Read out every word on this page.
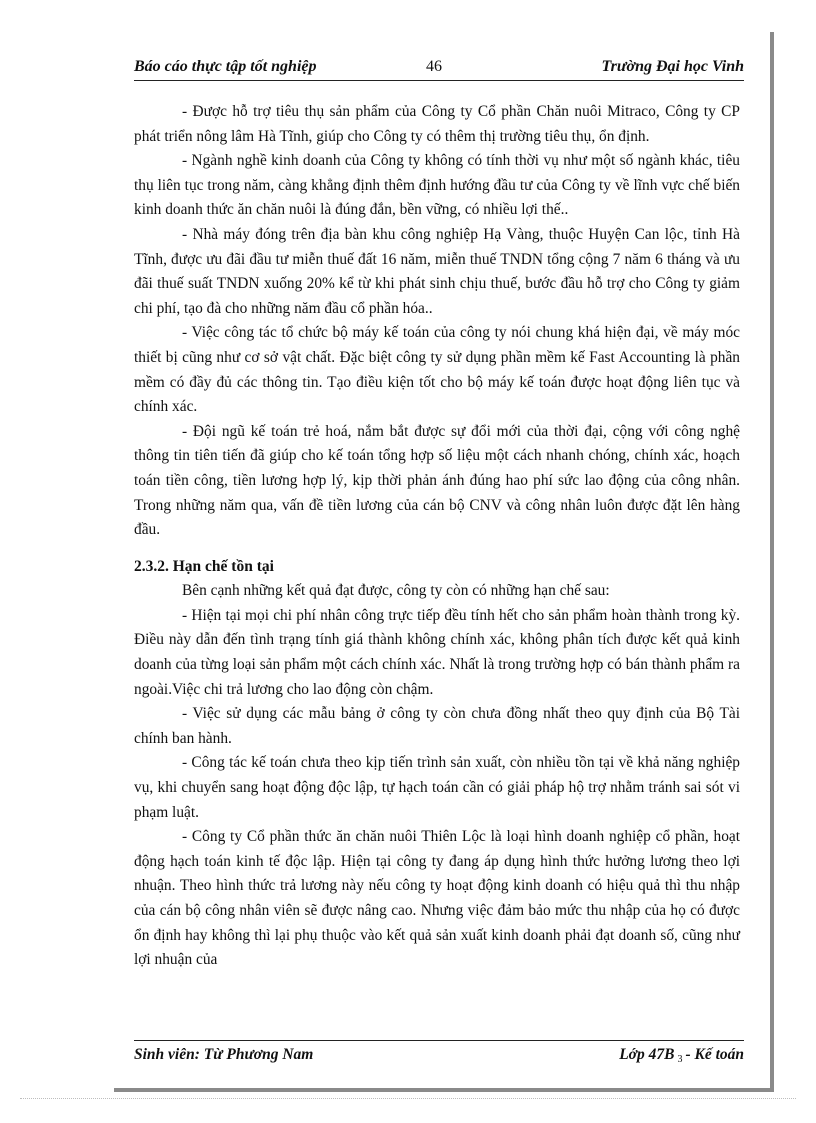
Báo cáo thực tập tốt nghiệp	46	Trường Đại học Vinh

- Được hỗ trợ tiêu thụ sản phẩm của Công ty Cổ phần Chăn nuôi Mitraco, Công ty CP phát triển nông lâm Hà Tĩnh, giúp cho Công ty có thêm thị trường tiêu thụ, ổn định.

- Ngành nghề kinh doanh của Công ty không có tính thời vụ như một số ngành khác, tiêu thụ liên tục trong năm, càng khẳng định thêm định hướng đầu tư của Công ty về lĩnh vực chế biến kinh doanh thức ăn chăn nuôi là đúng đắn, bền vững, có nhiều lợi thế..

- Nhà máy đóng trên địa bàn khu công nghiệp Hạ Vàng, thuộc Huyện Can lộc, tỉnh Hà Tĩnh, được ưu đãi đầu tư miễn thuế đất 16 năm, miễn thuế TNDN tổng cộng 7 năm 6 tháng và ưu đãi thuế suất TNDN xuống 20% kể từ khi phát sinh chịu thuế, bước đầu hỗ trợ cho Công ty giảm chi phí, tạo đà cho những năm đầu cổ phần hóa..

- Việc công tác tổ chức bộ máy kế toán của công ty nói chung khá hiện đại, về máy móc thiết bị cũng như cơ sở vật chất. Đặc biệt công ty sử dụng phần mềm kế Fast Accounting là phần mềm có đầy đủ các thông tin. Tạo điều kiện tốt cho bộ máy kế toán được hoạt động liên tục và chính xác.

- Đội ngũ kế toán trẻ hoá, nắm bắt được sự đổi mới của thời đại, cộng với công nghệ thông tin tiên tiến đã giúp cho kế toán tổng hợp số liệu một cách nhanh chóng, chính xác, hoạch toán tiền công, tiền lương hợp lý, kịp thời phản ánh đúng hao phí sức lao động của công nhân. Trong những năm qua, vấn đề tiền lương của cán bộ CNV và công nhân luôn được đặt lên hàng đầu.

2.3.2. Hạn chế tồn tại

Bên cạnh những kết quả đạt được, công ty còn có những hạn chế sau:

- Hiện tại mọi chi phí nhân công trực tiếp đều tính hết cho sản phẩm hoàn thành trong kỳ. Điều này dẫn đến tình trạng tính giá thành không chính xác, không phân tích được kết quả kinh doanh của từng loại sản phẩm một cách chính xác. Nhất là trong trường hợp có bán thành phẩm ra ngoài.Việc chi trả lương cho lao động còn chậm.

- Việc sử dụng các mẫu bảng ở công ty còn chưa đồng nhất theo quy định của Bộ Tài chính ban hành.

- Công tác kế toán chưa theo kịp tiến trình sản xuất, còn nhiều tồn tại về khả năng nghiệp vụ, khi chuyển sang hoạt động độc lập, tự hạch toán cần có giải pháp hộ trợ nhằm tránh sai sót vi phạm luật.

- Công ty Cổ phần thức ăn chăn nuôi Thiên Lộc là loại hình doanh nghiệp cổ phần, hoạt động hạch toán kinh tế độc lập. Hiện tại công ty đang áp dụng hình thức hưởng lương theo lợi nhuận. Theo hình thức trả lương này nếu công ty hoạt động kinh doanh có hiệu quả thì thu nhập của cán bộ công nhân viên sẽ được nâng cao. Nhưng việc đảm bảo mức thu nhập của họ có được ổn định hay không thì lại phụ thuộc vào kết quả sản xuất kinh doanh phải đạt doanh số, cũng như lợi nhuận của

Sinh viên: Từ Phương Nam	Lớp 47B 3 - Kế toán
